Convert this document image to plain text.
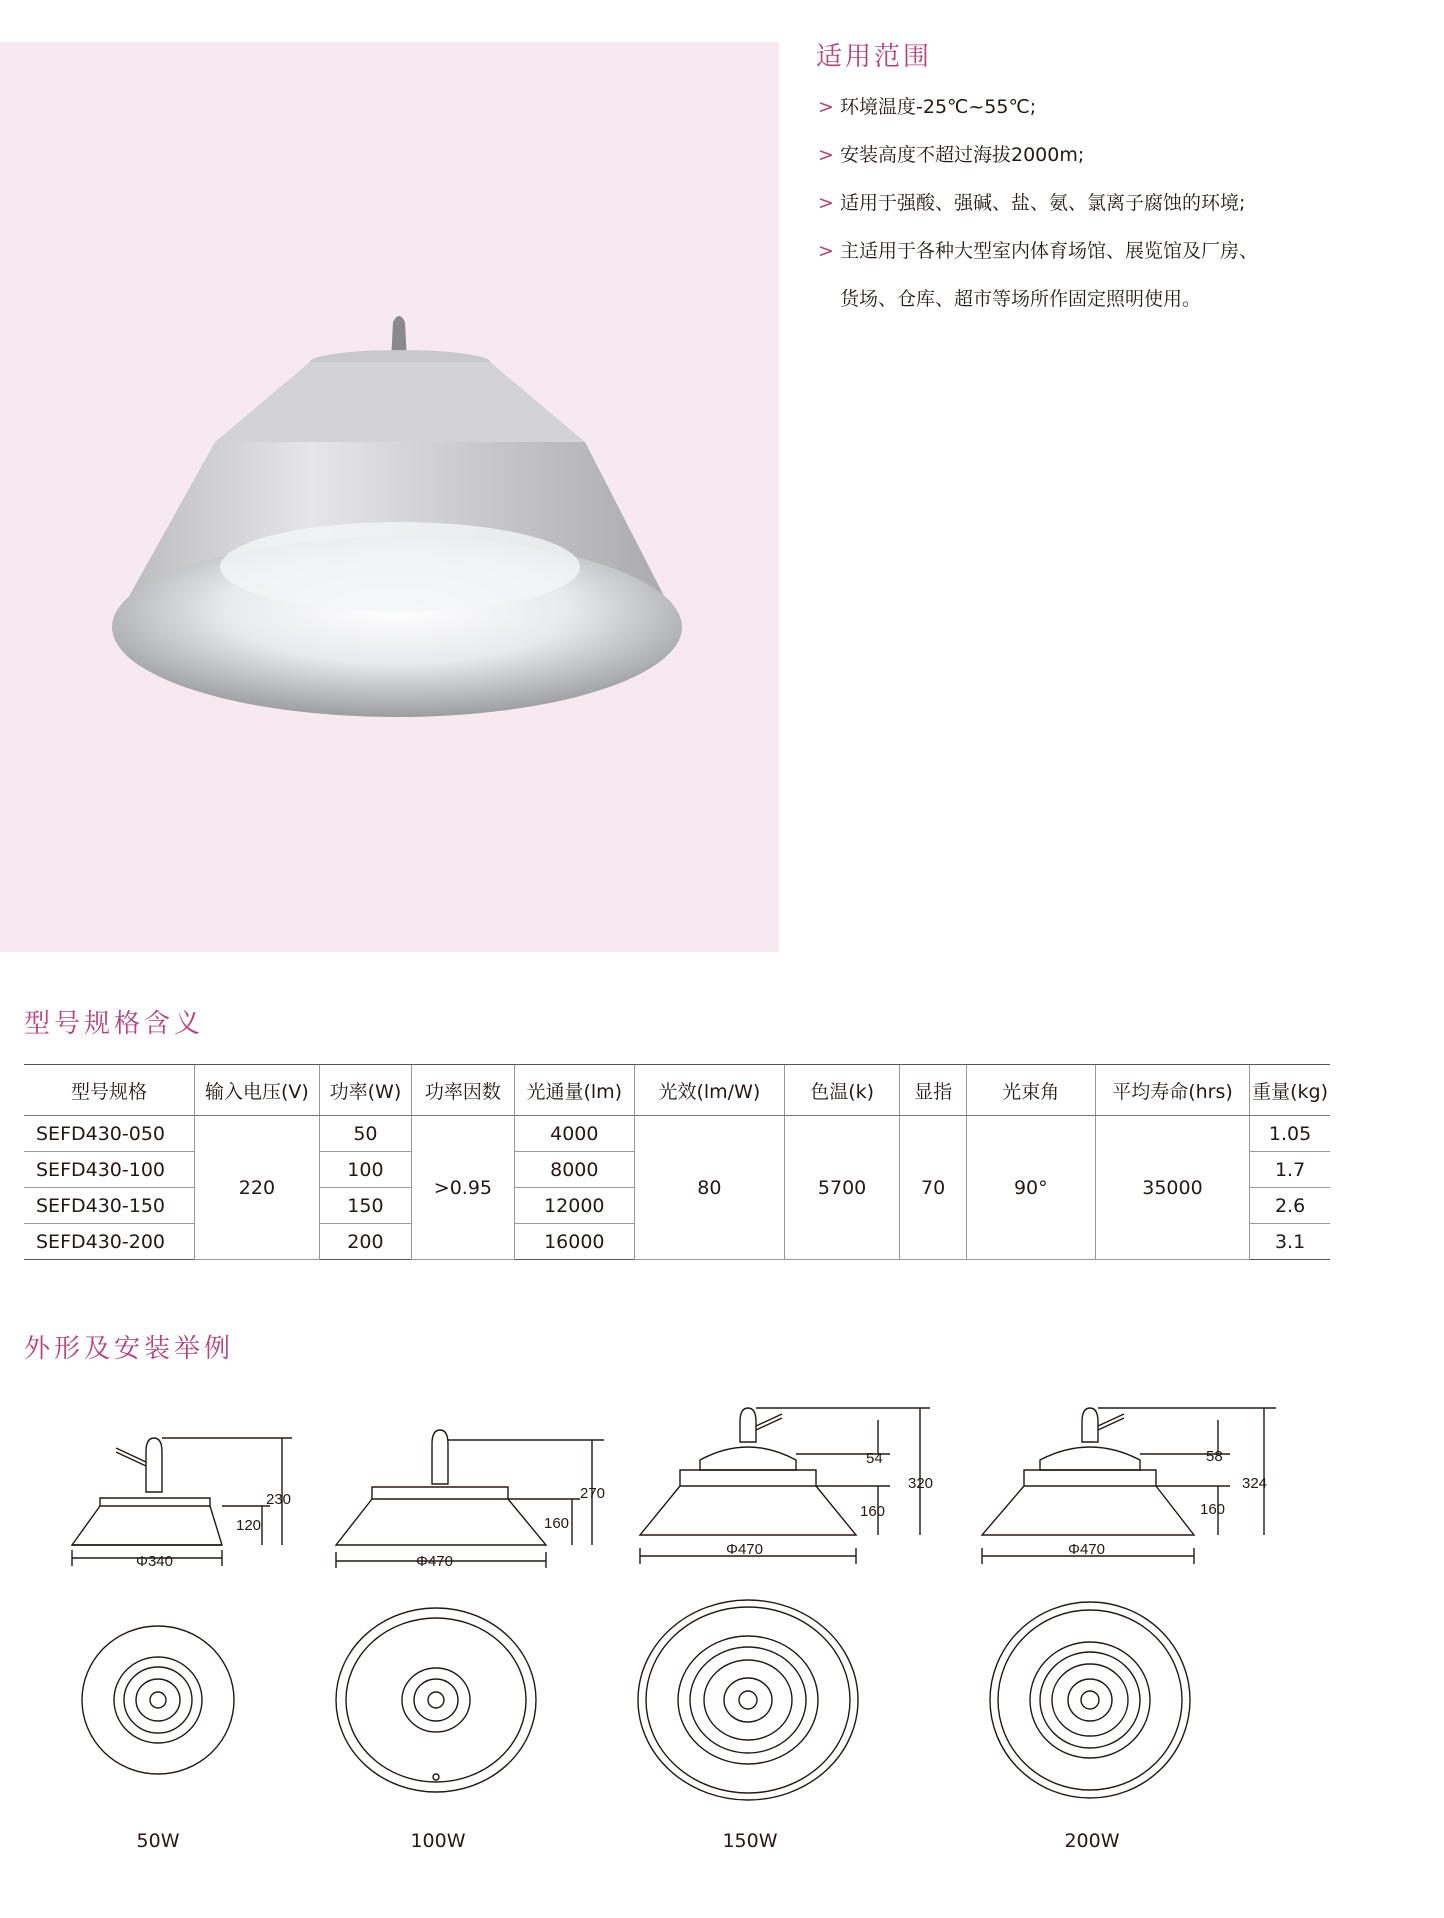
适用范围
> 环境温度-25℃~55℃;
> 安装高度不超过海拔2000m;
> 适用于强酸、强碱、盐、氨、氯离子腐蚀的环境;
> 主适用于各种大型室内体育场馆、展览馆及厂房、
货场、仓库、超市等场所作固定照明使用。
型号规格含义
型号规格	输入电压(V)	功率(W)	功率因数	光通量(lm)	光效(lm/W)	色温(k)	显指	光束角	平均寿命(hrs)	重量(kg)
SEFD430-050	220	50	>0.95	4000	80	5700	70	90°	35000	1.05
SEFD430-100		100		8000						1.7
SEFD430-150		150		12000						2.6
SEFD430-200		200		16000						3.1
外形及安装举例
Φ340
230
120
Φ470
270
160
Φ470
320
54
160
Φ470
324
58
160
50W	100W	150W	200W
